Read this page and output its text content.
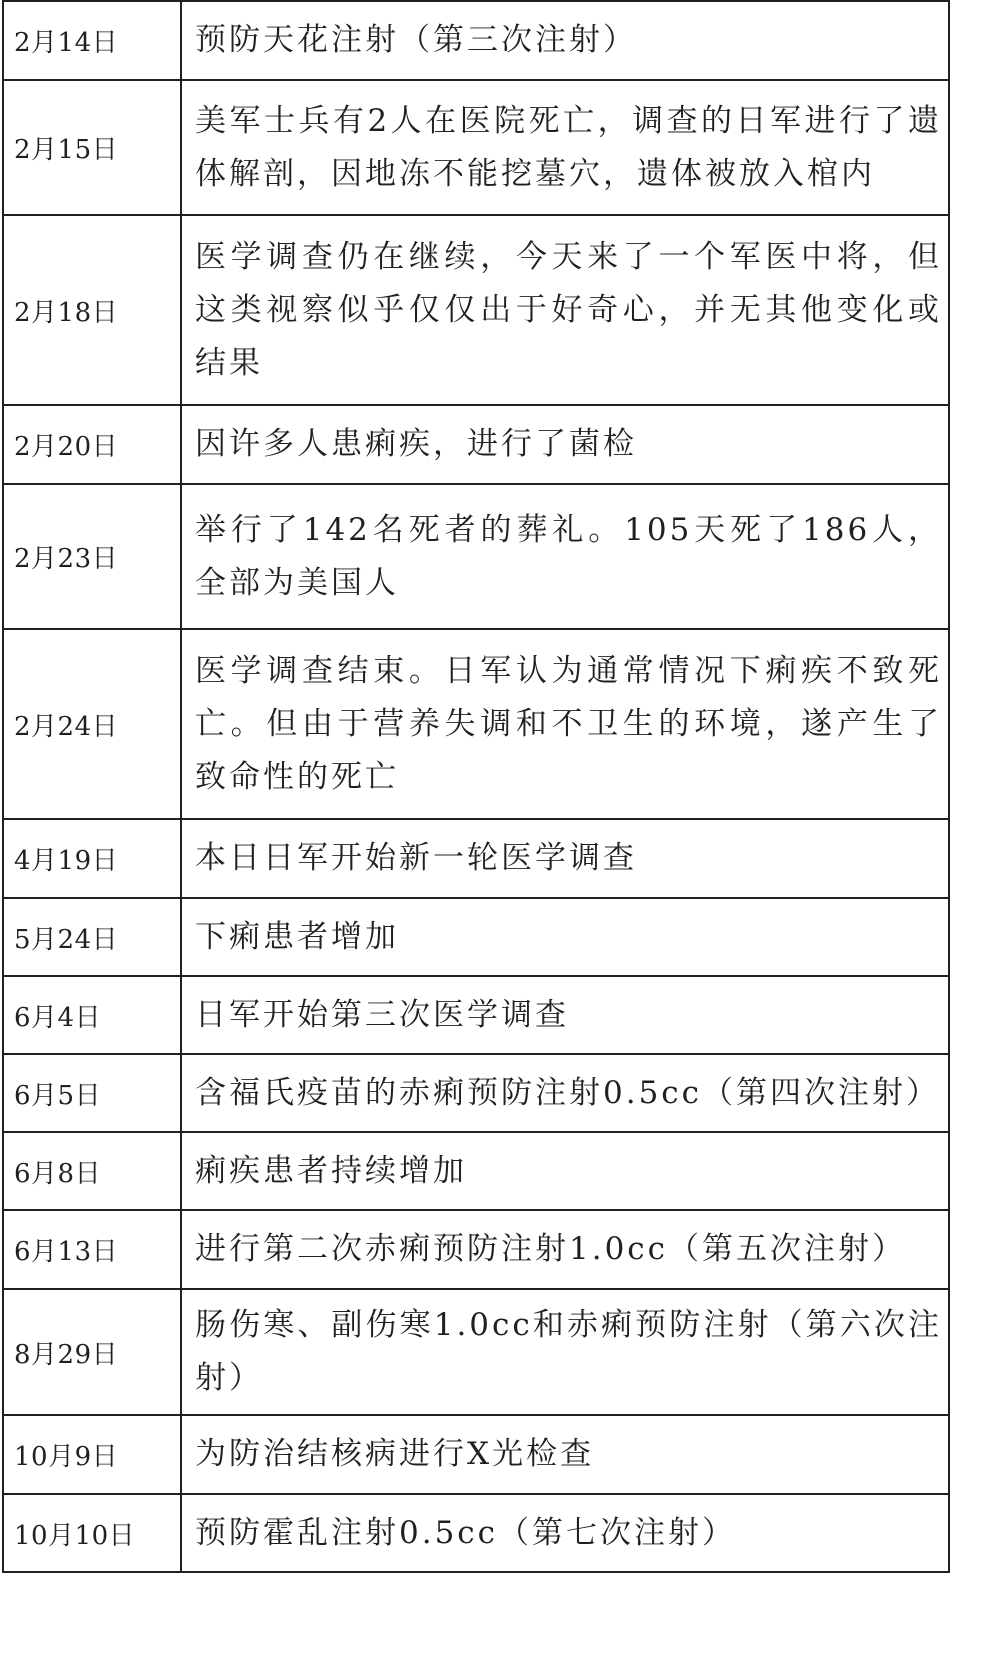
2月14日	预防天花注射（第三次注射）
2月15日	美军士兵有2人在医院死亡，调查的日军进行了遗体解剖，因地冻不能挖墓穴，遗体被放入棺内
2月18日	医学调查仍在继续，今天来了一个军医中将，但这类视察似乎仅仅出于好奇心，并无其他变化或结果
2月20日	因许多人患痢疾，进行了菌检
2月23日	举行了142名死者的葬礼。105天死了186人，全部为美国人
2月24日	医学调查结束。日军认为通常情况下痢疾不致死亡。但由于营养失调和不卫生的环境，遂产生了致命性的死亡
4月19日	本日日军开始新一轮医学调查
5月24日	下痢患者增加
6月4日	日军开始第三次医学调查
6月5日	含福氏疫苗的赤痢预防注射0.5cc（第四次注射）
6月8日	痢疾患者持续增加
6月13日	进行第二次赤痢预防注射1.0cc（第五次注射）
8月29日	肠伤寒、副伤寒1.0cc和赤痢预防注射（第六次注射）
10月9日	为防治结核病进行X光检查
10月10日	预防霍乱注射0.5cc（第七次注射）
